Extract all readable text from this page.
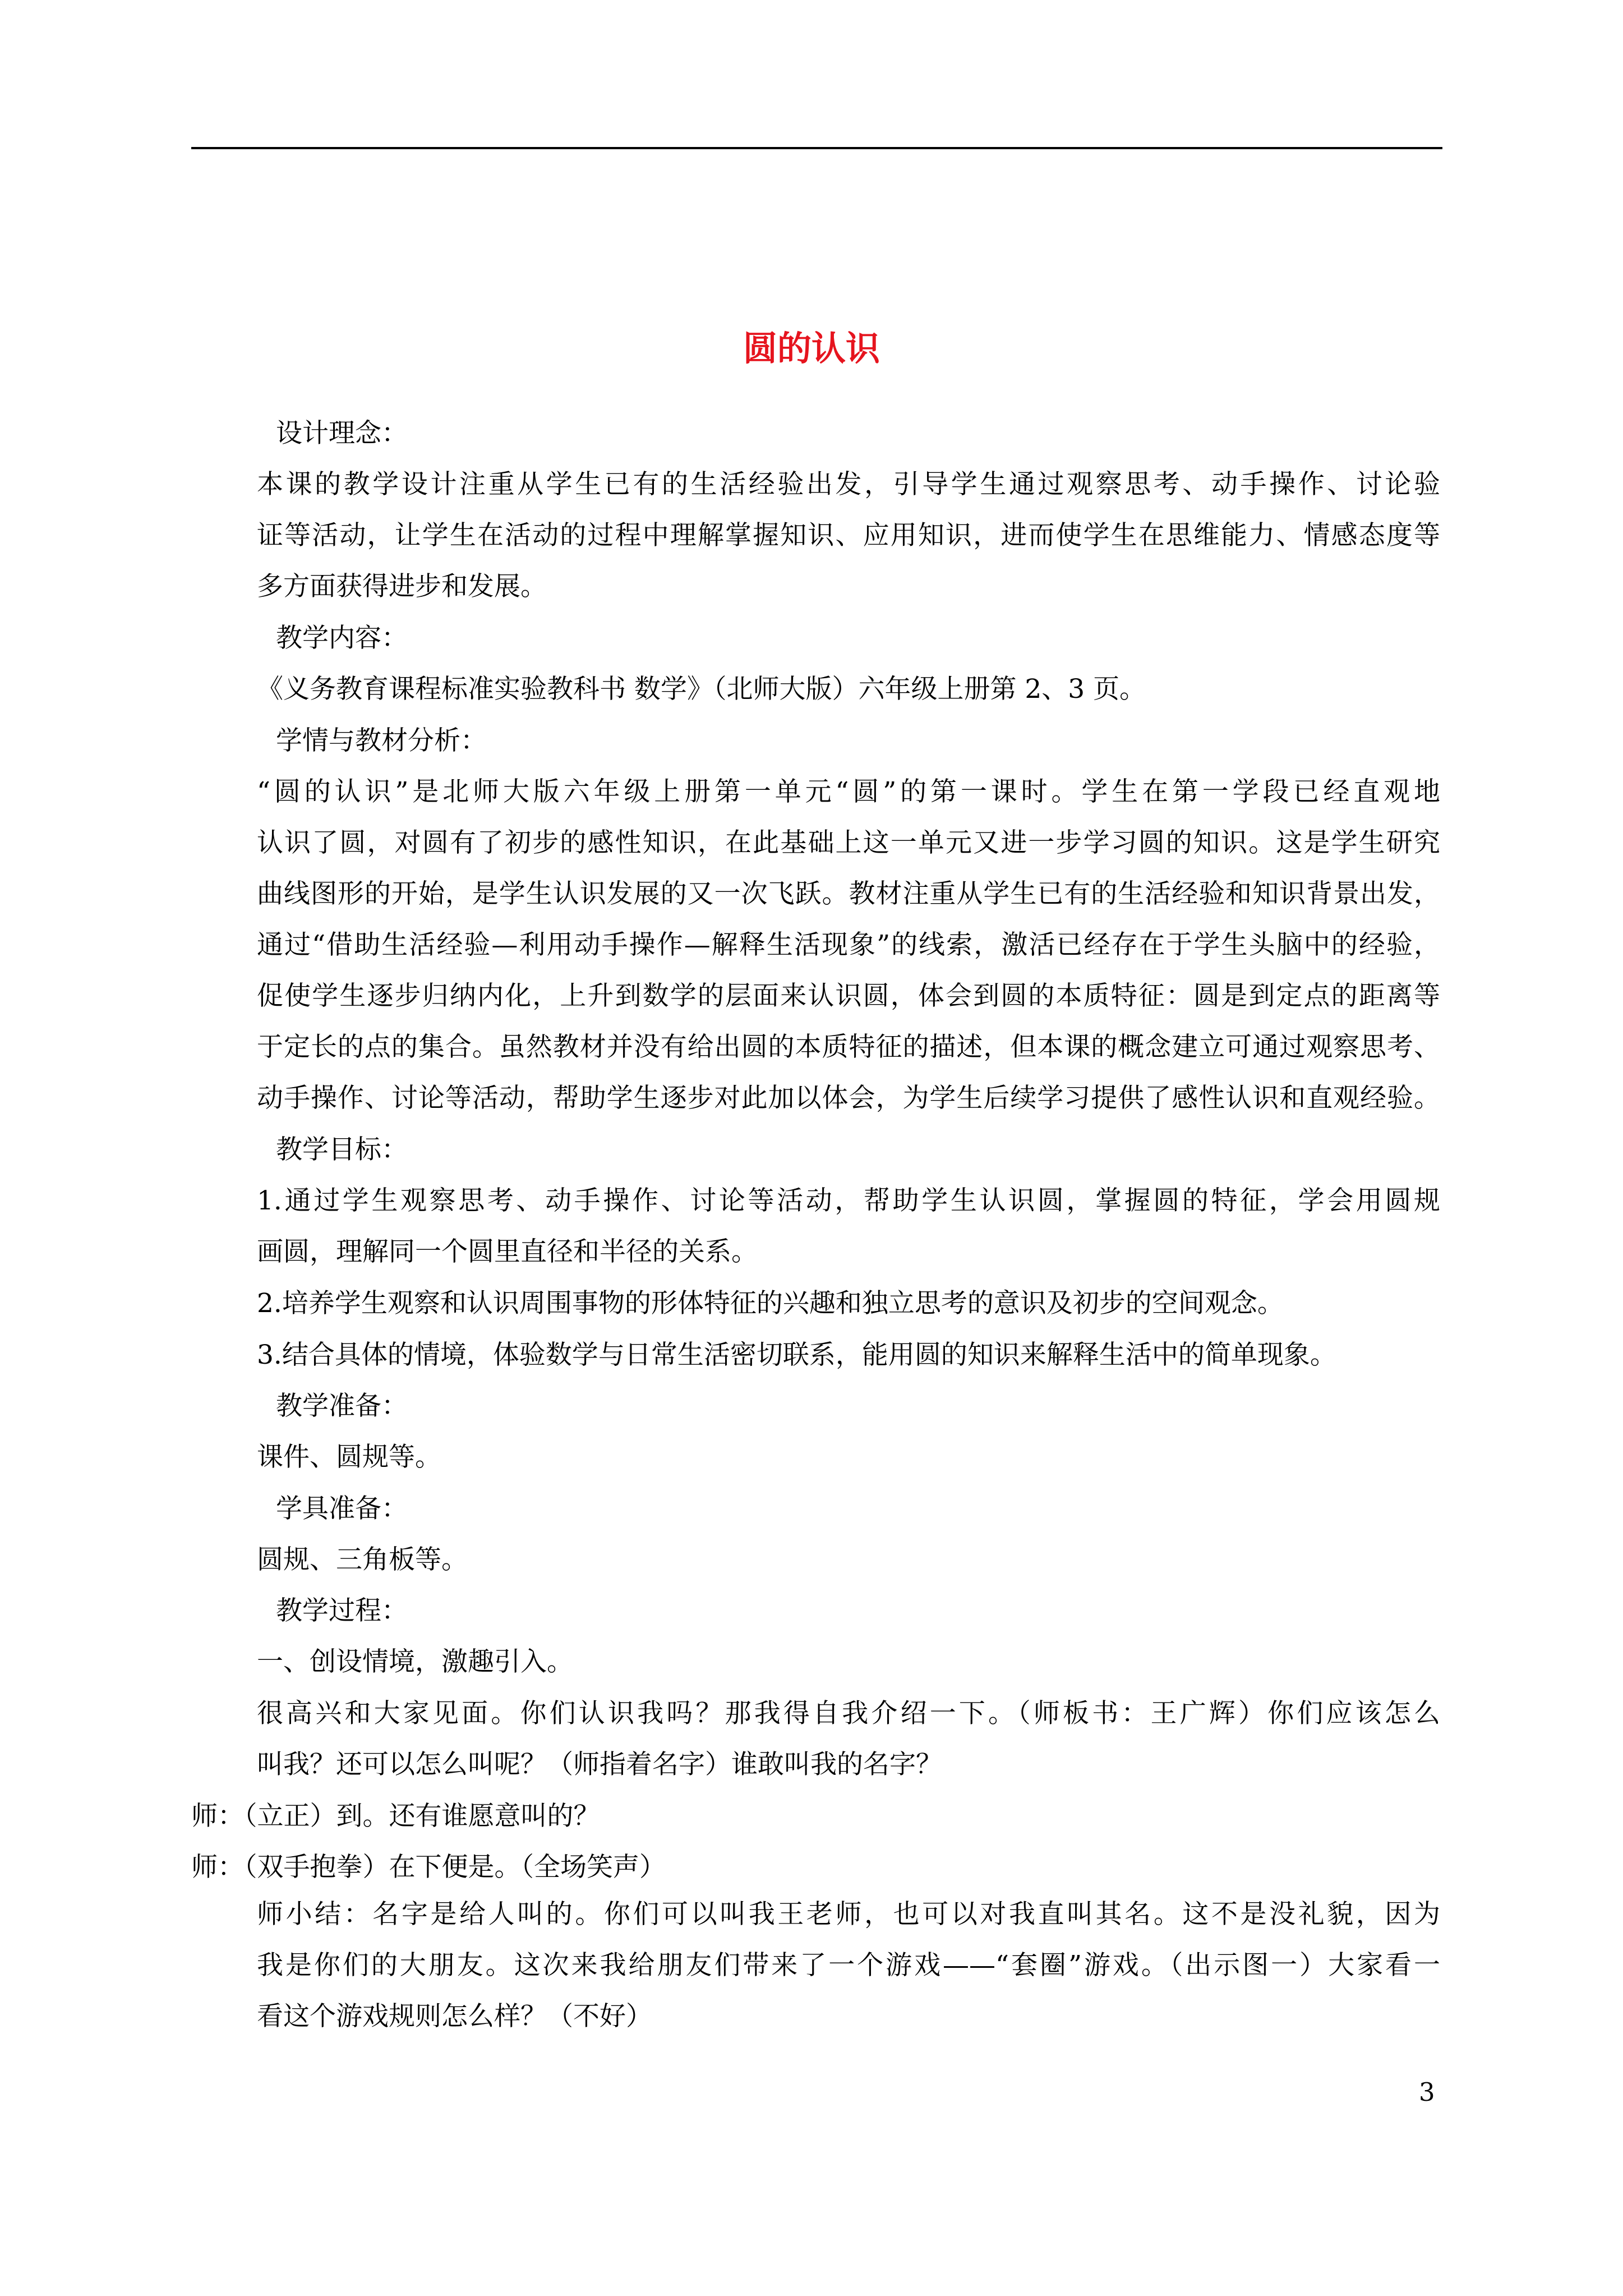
圆的认识
设计理念：
本课的教学设计注重从学生已有的生活经验出发，引导学生通过观察思考、动手操作、讨论验
证等活动，让学生在活动的过程中理解掌握知识、应用知识，进而使学生在思维能力、情感态度等
多方面获得进步和发展。
教学内容：
《义务教育课程标准实验教科书 数学》（北师大版）六年级上册第 2、3 页。
学情与教材分析：
“圆的认识”是北师大版六年级上册第一单元“圆”的第一课时。学生在第一学段已经直观地
认识了圆，对圆有了初步的感性知识，在此基础上这一单元又进一步学习圆的知识。这是学生研究
曲线图形的开始，是学生认识发展的又一次飞跃。教材注重从学生已有的生活经验和知识背景出发，
通过“借助生活经验—利用动手操作—解释生活现象”的线索，激活已经存在于学生头脑中的经验，
促使学生逐步归纳内化，上升到数学的层面来认识圆，体会到圆的本质特征：圆是到定点的距离等
于定长的点的集合。虽然教材并没有给出圆的本质特征的描述，但本课的概念建立可通过观察思考、
动手操作、讨论等活动，帮助学生逐步对此加以体会，为学生后续学习提供了感性认识和直观经验。
教学目标：
1.通过学生观察思考、动手操作、讨论等活动，帮助学生认识圆，掌握圆的特征，学会用圆规
画圆，理解同一个圆里直径和半径的关系。
2.培养学生观察和认识周围事物的形体特征的兴趣和独立思考的意识及初步的空间观念。
3.结合具体的情境，体验数学与日常生活密切联系，能用圆的知识来解释生活中的简单现象。
教学准备：
课件、圆规等。
学具准备：
圆规、三角板等。
教学过程：
一、创设情境，激趣引入。
很高兴和大家见面。你们认识我吗？那我得自我介绍一下。（师板书：王广辉）你们应该怎么
叫我？还可以怎么叫呢？（师指着名字）谁敢叫我的名字？
师：（立正）到。还有谁愿意叫的？
师：（双手抱拳）在下便是。（全场笑声）
师小结：名字是给人叫的。你们可以叫我王老师，也可以对我直叫其名。这不是没礼貌，因为
我是你们的大朋友。这次来我给朋友们带来了一个游戏——“套圈”游戏。（出示图一）大家看一
看这个游戏规则怎么样？（不好）
3
